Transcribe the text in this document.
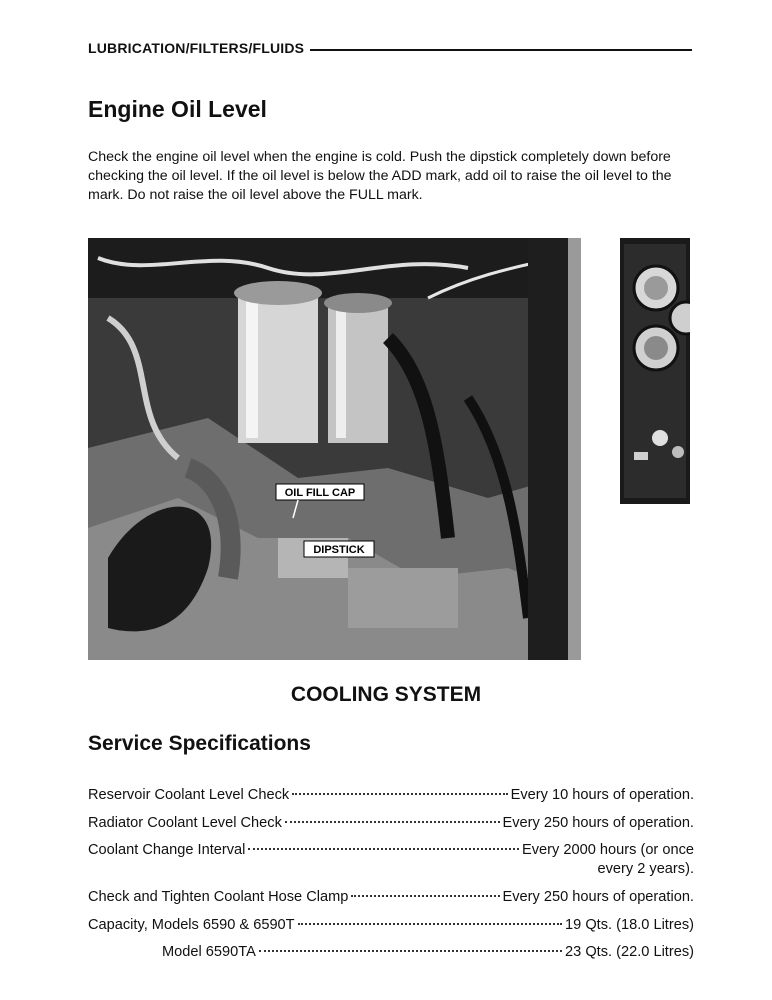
LUBRICATION/FILTERS/FLUIDS
Engine Oil Level

Check the engine oil level when the engine is cold. Push the dipstick completely down before checking the oil level. If the oil level is below the ADD mark, add oil to raise the oil level to the mark. Do not raise the oil level above the FULL mark.

OIL FILL CAP
DIPSTICK
COOLING SYSTEM
Service Specifications
Reservoir Coolant Level Check	Every 10 hours of operation.
Radiator Coolant Level Check	Every 250 hours of operation.
Coolant Change Interval	Every 2000 hours (or once
every 2 years).
Check and Tighten Coolant Hose Clamp	Every 250 hours of operation.
Capacity, Models 6590 & 6590T	19 Qts. (18.0 Litres)
Model 6590TA	23 Qts. (22.0 Litres)
